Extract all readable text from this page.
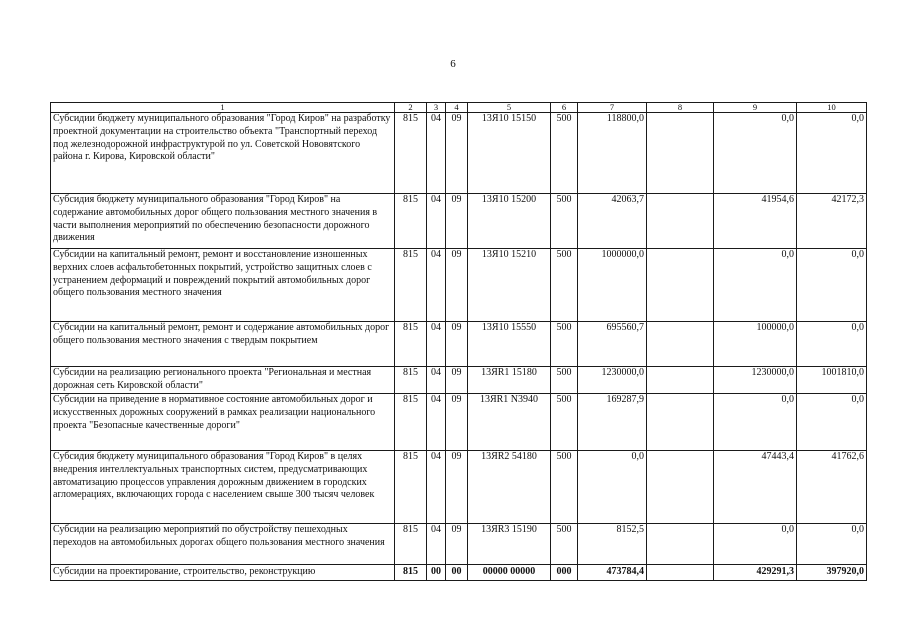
6
1	2	3	4	5	6	7	8	9	10
Субсидии бюджету муниципального образования "Город Киров" на разработку проектной документации на строительство объекта "Транспортный переход под железнодорожной инфраструктурой по ул. Советской Нововятского района г. Кирова, Кировской области"	815	04	09	13Я10 15150	500	118800,0		0,0	0,0
Субсидия бюджету муниципального образования "Город Киров" на содержание автомобильных дорог общего пользования местного значения в части выполнения мероприятий по обеспечению безопасности дорожного движения	815	04	09	13Я10 15200	500	42063,7		41954,6	42172,3
Субсидии на капитальный ремонт, ремонт и восстановление изношенных верхних слоев асфальтобетонных покрытий, устройство защитных слоев с устранением деформаций и повреждений покрытий автомобильных дорог общего пользования местного значения	815	04	09	13Я10 15210	500	1000000,0		0,0	0,0
Субсидии на капитальный ремонт, ремонт и содержание автомобильных дорог общего пользования местного значения с твердым покрытием	815	04	09	13Я10 15550	500	695560,7		100000,0	0,0
Субсидии на реализацию регионального проекта "Региональная и местная дорожная сеть Кировской области"	815	04	09	13ЯR1 15180	500	1230000,0		1230000,0	1001810,0
Субсидии на приведение в нормативное состояние автомобильных дорог и искусственных дорожных сооружений в рамках реализации национального проекта "Безопасные качественные дороги"	815	04	09	13ЯR1 N3940	500	169287,9		0,0	0,0
Субсидия бюджету муниципального образования "Город Киров" в целях внедрения интеллектуальных транспортных систем, предусматривающих автоматизацию процессов управления дорожным движением в городских агломерациях, включающих города с населением свыше 300 тысяч человек	815	04	09	13ЯR2 54180	500	0,0		47443,4	41762,6
Субсидии на реализацию мероприятий по обустройству пешеходных переходов на автомобильных дорогах общего пользования местного значения	815	04	09	13ЯR3 15190	500	8152,5		0,0	0,0
Субсидии на проектирование, строительство, реконструкцию	815	00	00	00000 00000	000	473784,4		429291,3	397920,0
